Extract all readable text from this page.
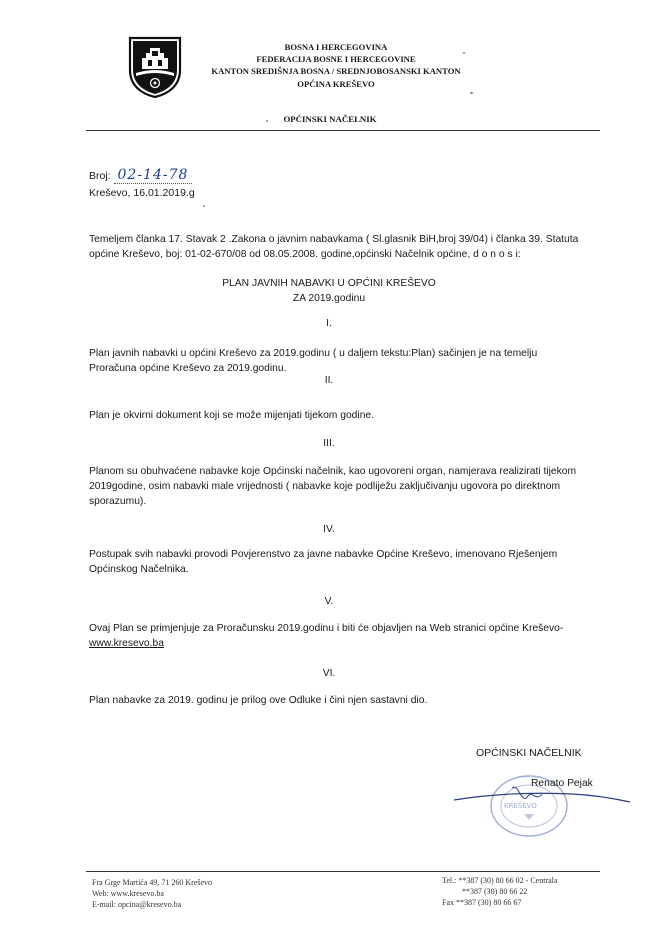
BOSNA I HERCEGOVINA
FEDERACIJA BOSNE I HERCEGOVINE
KANTON SREDIŠNJA BOSNA / SREDNJOBOSANSKI KANTON
OPĆINA KREŠEVO
OPĆINSKI NAČELNIK
Broj: 02-14-78
Kreševo, 16.01.2019.g
Temeljem članka 17. Stavak 2 .Zakona o javnim nabavkama ( Sl.glasnik BiH,broj 39/04) i članka 39. Statuta
općine Kreševo, boj: 01-02-670/08 od 08.05.2008. godine,općinski Načelnik općine, d o n o s i:
PLAN JAVNIH NABAVKI U OPĆINI KREŠEVO
ZA 2019.godinu
I.
Plan javnih nabavki u općini Kreševo za 2019.godinu ( u daljem tekstu:Plan) sačinjen je na temelju
Proračuna općine Kreševo za 2019.godinu.
II.
Plan je okvirni dokument koji se može mijenjati tijekom godine.
III.
Planom su obuhvaćene nabavke koje Općinski načelnik, kao ugovoreni organ, namjerava realizirati tijekom
2019godine, osim nabavki male vrijednosti ( nabavke koje podliježu zaključivanju ugovora po direktnom
sporazumu).
IV.
Postupak svih nabavki provodi Povjerenstvo za javne nabavke Općine Kreševo, imenovano Rješenjem
Općinskog Načelnika.
V.
Ovaj Plan se primjenjuje za Proračunsku 2019.godinu i biti će objavljen na Web stranici općine Kreševo-
www.kresevo.ba
VI.
Plan nabavke za 2019. godinu je prilog ove Odluke i čini njen sastavni dio.
OPĆINSKI NAČELNIK
KREŠEVO
Renato Pejak
Fra Grge Martića 49, 71 260 Kreševo
Web: www.kresevo.ba
E-mail: opcina@kresevo.ba
Tel.: **387 (30) 80 66 02 - Centrala
**387 (30) 80 66 22
Fax **387 (30) 80 66 67
